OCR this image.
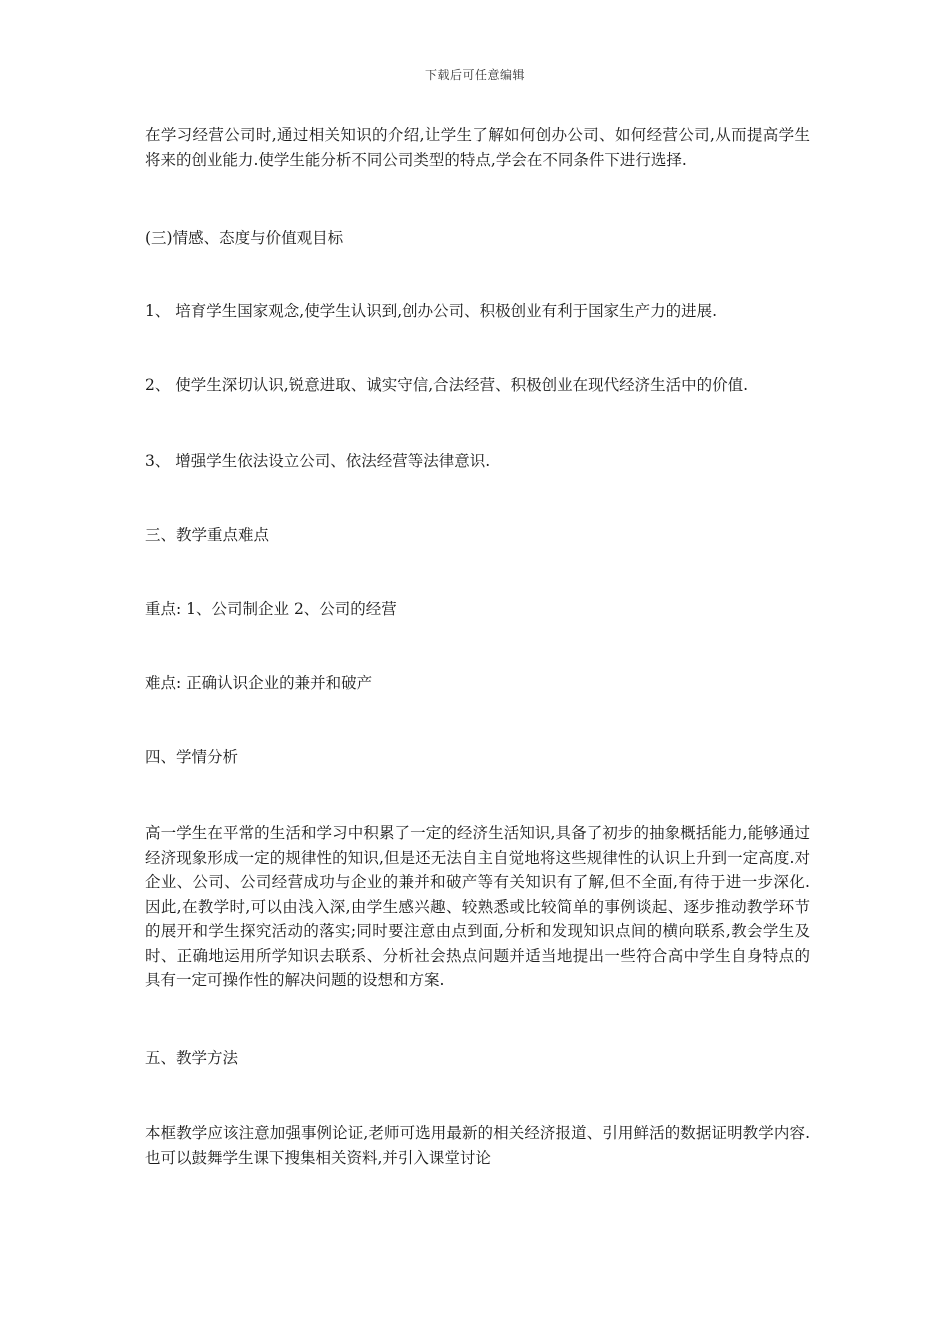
下载后可任意编辑

在学习经营公司时,通过相关知识的介绍,让学生了解如何创办公司、如何经营公司,从而提高学生将来的创业能力.使学生能分析不同公司类型的特点,学会在不同条件下进行选择.

(三)情感、态度与价值观目标

1、 培育学生国家观念,使学生认识到,创办公司、积极创业有利于国家生产力的进展.

2、 使学生深切认识,锐意进取、诚实守信,合法经营、积极创业在现代经济生活中的价值.

3、 增强学生依法设立公司、依法经营等法律意识.

三、教学重点难点

重点: 1、公司制企业 2、公司的经营

难点: 正确认识企业的兼并和破产

四、学情分析

高一学生在平常的生活和学习中积累了一定的经济生活知识,具备了初步的抽象概括能力,能够通过经济现象形成一定的规律性的知识,但是还无法自主自觉地将这些规律性的认识上升到一定高度.对企业、公司、公司经营成功与企业的兼并和破产等有关知识有了解,但不全面,有待于进一步深化.因此,在教学时,可以由浅入深,由学生感兴趣、较熟悉或比较简单的事例谈起、逐步推动教学环节的展开和学生探究活动的落实;同时要注意由点到面,分析和发现知识点间的横向联系,教会学生及时、正确地运用所学知识去联系、分析社会热点问题并适当地提出一些符合高中学生自身特点的具有一定可操作性的解决问题的设想和方案.

五、教学方法

本框教学应该注意加强事例论证,老师可选用最新的相关经济报道、引用鲜活的数据证明教学内容.也可以鼓舞学生课下搜集相关资料,并引入课堂讨论
